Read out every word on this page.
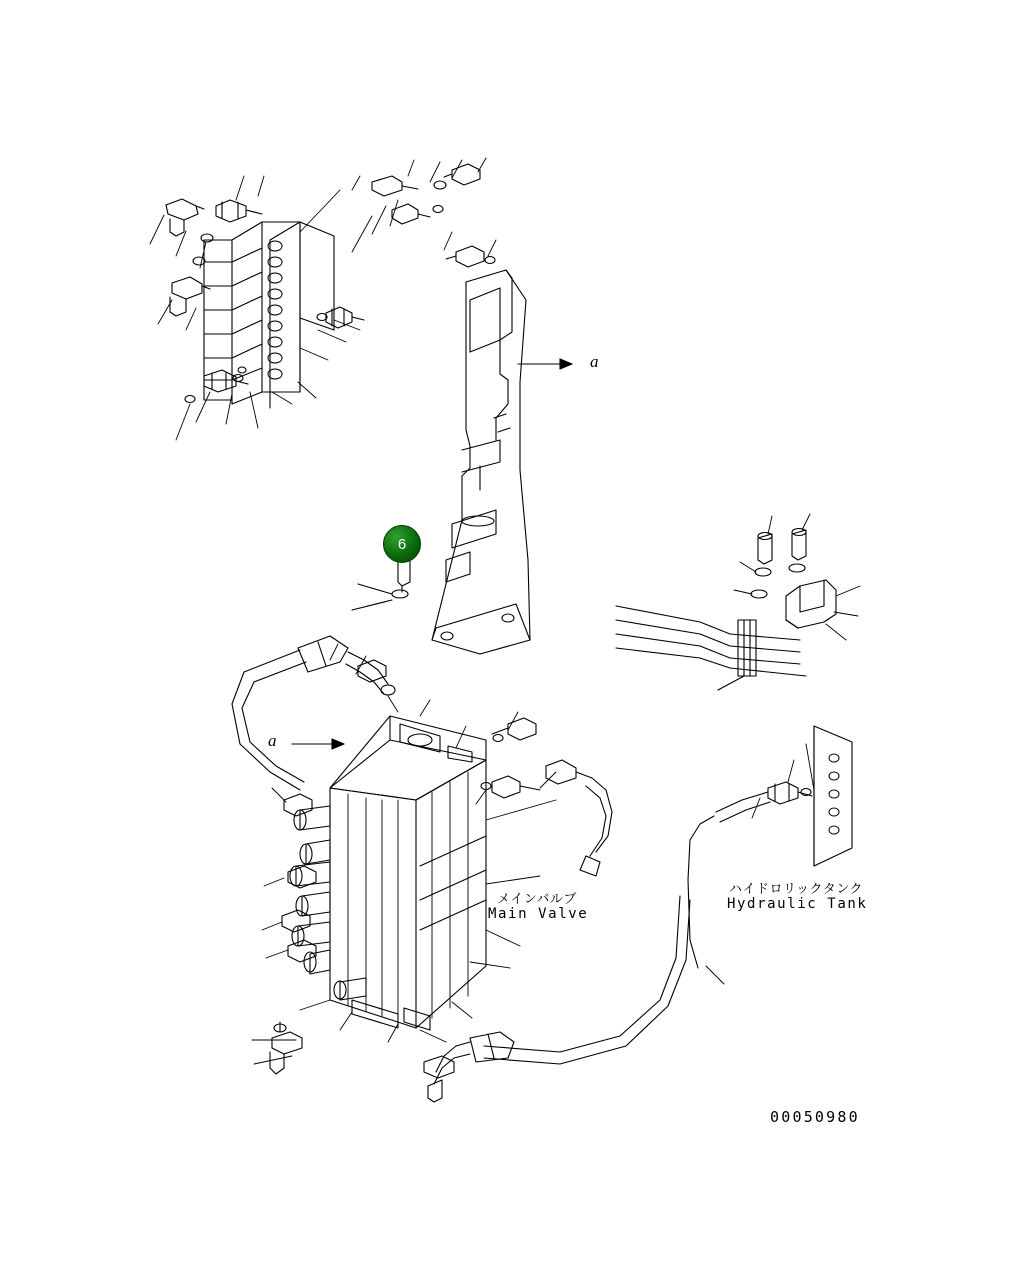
6
a
a
メインバルブ
Main Valve
ハイドロリックタンク
Hydraulic Tank
00050980
